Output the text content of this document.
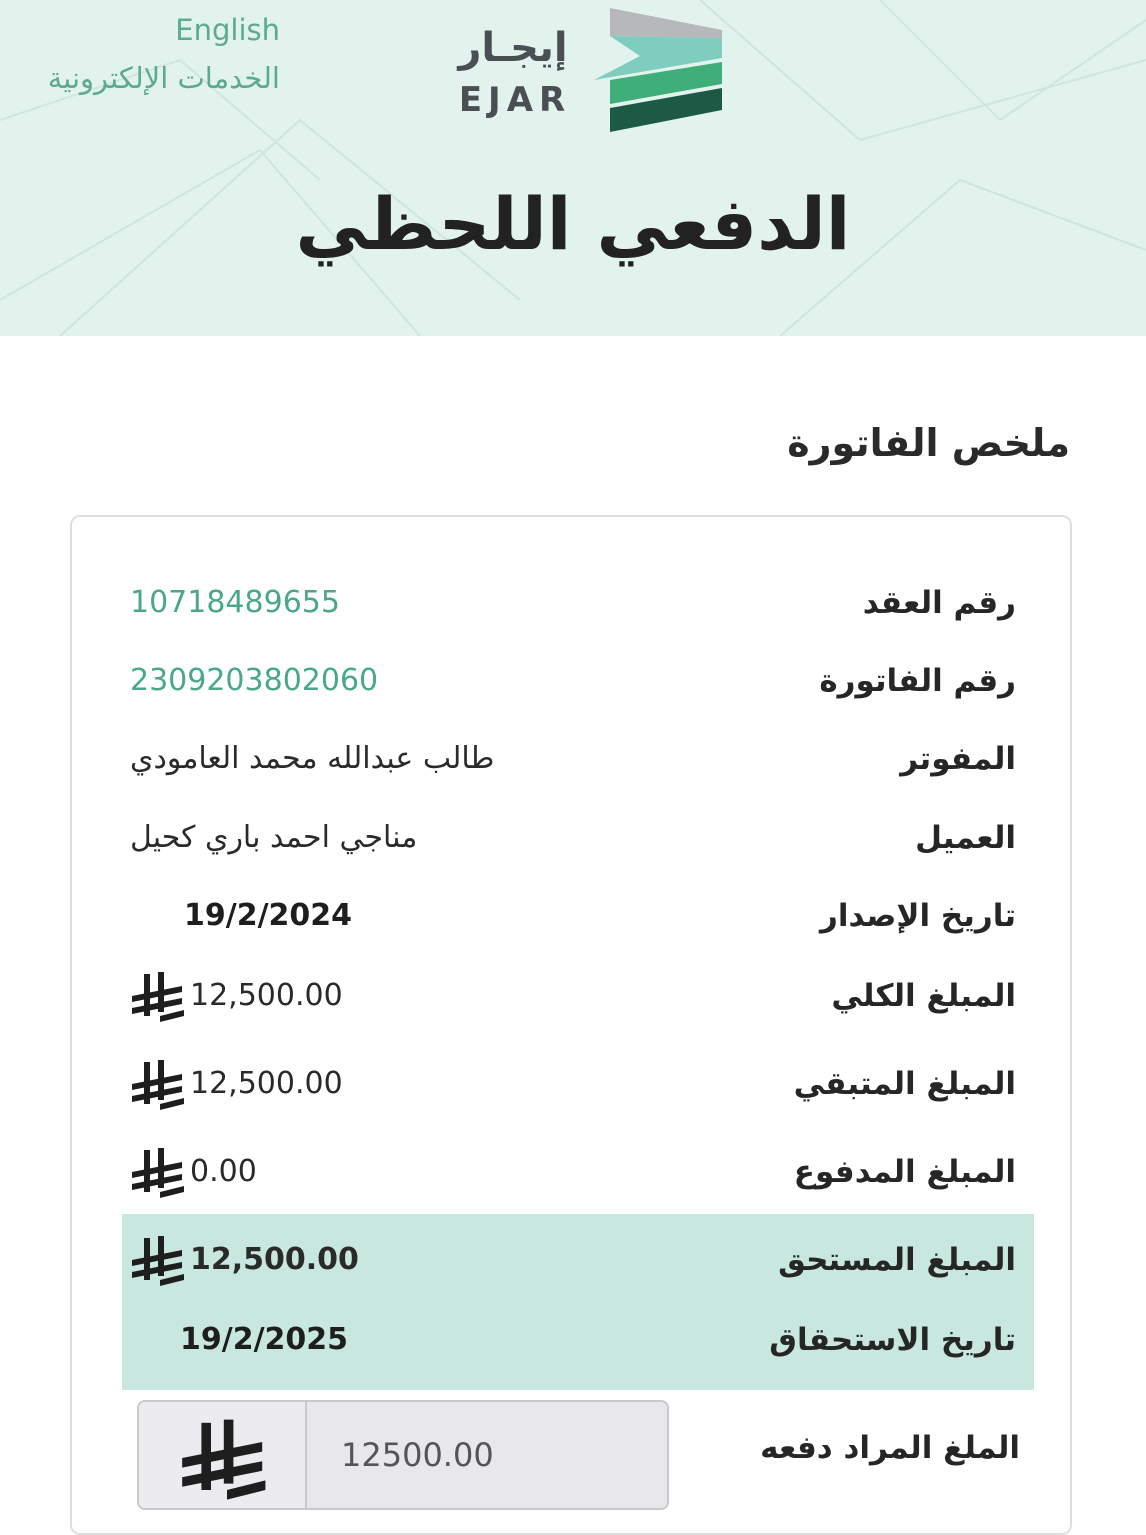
English
الخدمات الإلكترونية
إيجـار
EJAR
الدفعي اللحظي
ملخص الفاتورة
رقم العقد
10718489655
رقم الفاتورة
2309203802060
المفوتر
طالب عبدالله محمد العامودي
العميل
مناجي احمد باري كحيل
تاريخ الإصدار
19/2/2024
المبلغ الكلي
12,500.00
المبلغ المتبقي
12,500.00
المبلغ المدفوع
0.00
المبلغ المستحق
12,500.00
تاريخ الاستحقاق
19/2/2025
الملغ المراد دفعه
12500.00
